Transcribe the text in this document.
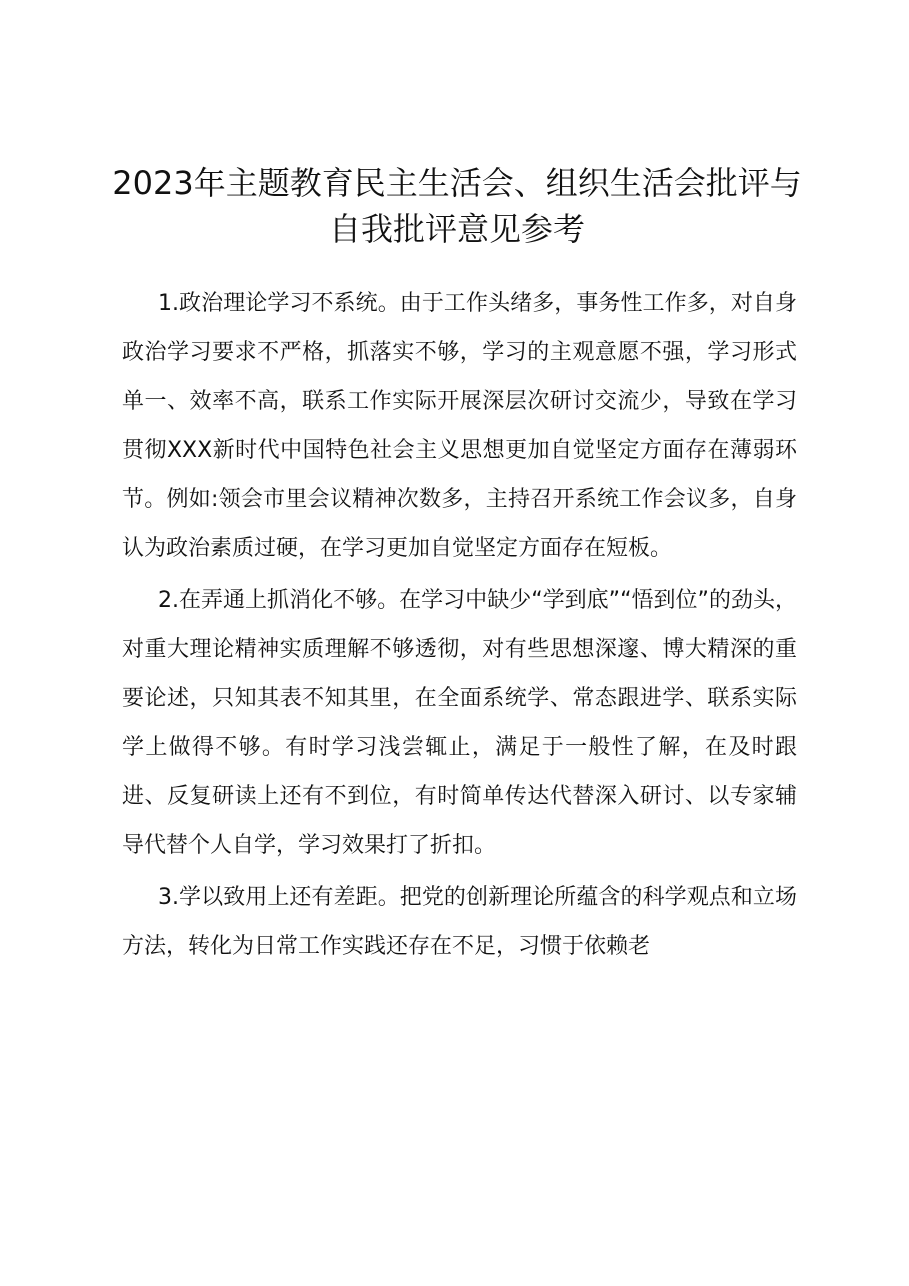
2023年主题教育民主生活会、组织生活会批评与自我批评意见参考

1.政治理论学习不系统。由于工作头绪多，事务性工作多，对自身政治学习要求不严格，抓落实不够，学习的主观意愿不强，学习形式单一、效率不高，联系工作实际开展深层次研讨交流少，导致在学习贯彻XXX新时代中国特色社会主义思想更加自觉坚定方面存在薄弱环节。例如:领会市里会议精神次数多，主持召开系统工作会议多，自身认为政治素质过硬，在学习更加自觉坚定方面存在短板。

2.在弄通上抓消化不够。在学习中缺少“学到底”“悟到位”的劲头，对重大理论精神实质理解不够透彻，对有些思想深邃、博大精深的重要论述，只知其表不知其里，在全面系统学、常态跟进学、联系实际学上做得不够。有时学习浅尝辄止，满足于一般性了解，在及时跟进、反复研读上还有不到位，有时简单传达代替深入研讨、以专家辅导代替个人自学，学习效果打了折扣。

3.学以致用上还有差距。把党的创新理论所蕴含的科学观点和立场方法，转化为日常工作实践还存在不足，习惯于依赖老
